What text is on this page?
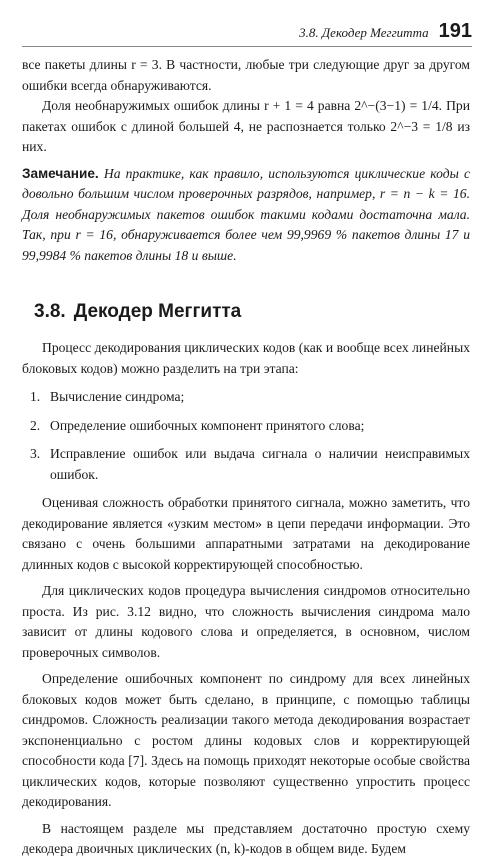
3.8. Декодер Меггитта 191

все пакеты длины r = 3. В частности, любые три следующие друг за другом ошибки всегда обнаруживаются.

Доля необнаружимых ошибок длины r + 1 = 4 равна 2^−(3−1) = 1/4. При пакетах ошибок с длиной большей 4, не распознается только 2^−3 = 1/8 из них.

Замечание. На практике, как правило, используются циклические коды с довольно большим числом проверочных разрядов, например, r = n − k = 16. Доля необнаружимых пакетов ошибок такими кодами достаточна мала. Так, при r = 16, обнаруживается более чем 99,9969 % пакетов длины 17 и 99,9984 % пакетов длины 18 и выше.

3.8. Декодер Меггитта

Процесс декодирования циклических кодов (как и вообще всех линейных блоковых кодов) можно разделить на три этапа:

1. Вычисление синдрома;
2. Определение ошибочных компонент принятого слова;
3. Исправление ошибок или выдача сигнала о наличии неисправимых ошибок.

Оценивая сложность обработки принятого сигнала, можно заметить, что декодирование является «узким местом» в цепи передачи информации. Это связано с очень большими аппаратными затратами на декодирование длинных кодов с высокой корректирующей способностью.

Для циклических кодов процедура вычисления синдромов относительно проста. Из рис. 3.12 видно, что сложность вычисления синдрома мало зависит от длины кодового слова и определяется, в основном, числом проверочных символов.

Определение ошибочных компонент по синдрому для всех линейных блоковых кодов может быть сделано, в принципе, с помощью таблицы синдромов. Сложность реализации такого метода декодирования возрастает экспоненциально с ростом длины кодовых слов и корректирующей способности кода [7]. Здесь на помощь приходят некоторые особые свойства циклических кодов, которые позволяют существенно упростить процесс декодирования.

В настоящем разделе мы представляем достаточно простую схему декодера двоичных циклических (n, k)-кодов в общем виде. Будем
